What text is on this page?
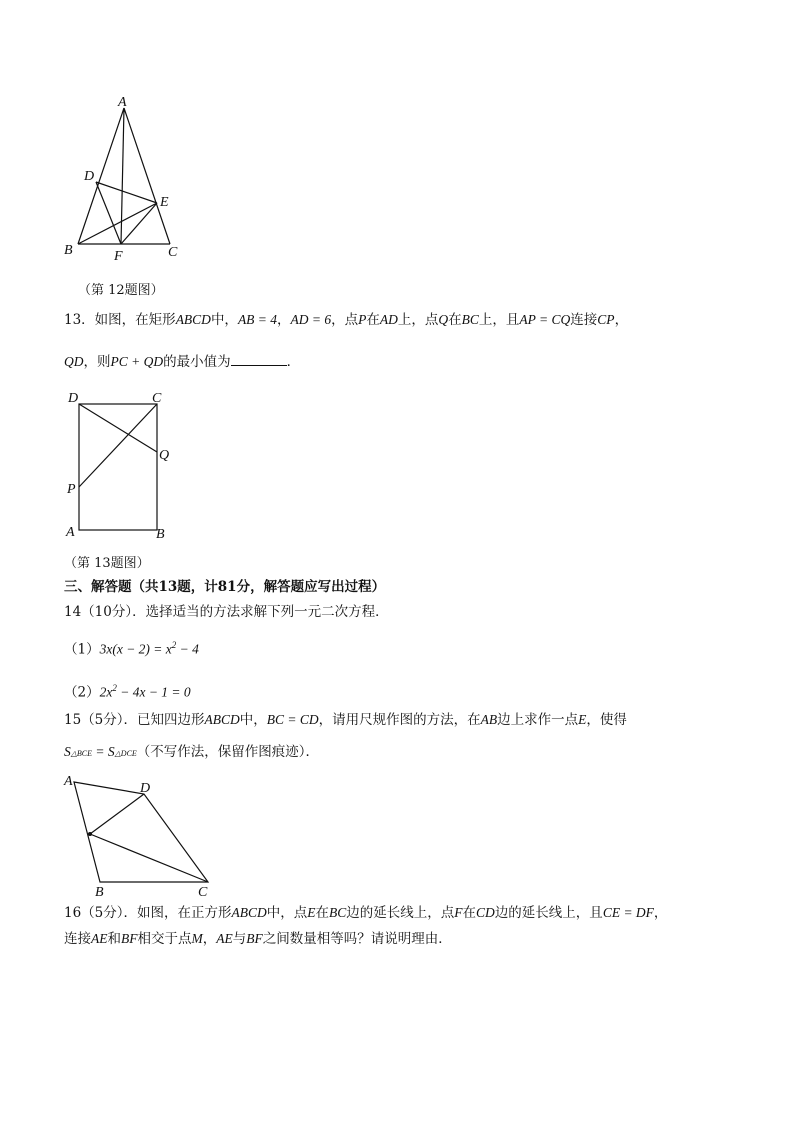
A
D
E
B	F	C
（第 12题图）
13．如图，在矩形ABCD中，AB = 4，AD = 6，点P在AD上，点Q在BC上，且AP = CQ连接CP，
QD，则PC + QD的最小值为	．
D	C
Q
P
A	B
（第 13题图）
三、解答题（共13题，计81分，解答题应写出过程）
14（10分）．选择适当的方法求解下列一元二次方程．
$(1)3x(x - 2) = x^2 - 4$
$(2)2x^2 - 4x - 1 = 0$
15（5分）．已知四边形ABCD中，BC = CD，请用尺规作图的方法，在AB边上求作一点E，使得
S△BCE = S△DCE（不写作法，保留作图痕迹）．
A	D
B	C
16（5分）．如图，在正方形ABCD中，点E在BC边的延长线上，点F在CD边的延长线上，且CE = DF，
连接AE和BF相交于点M，AE与BF之间数量相等吗？请说明理由．
